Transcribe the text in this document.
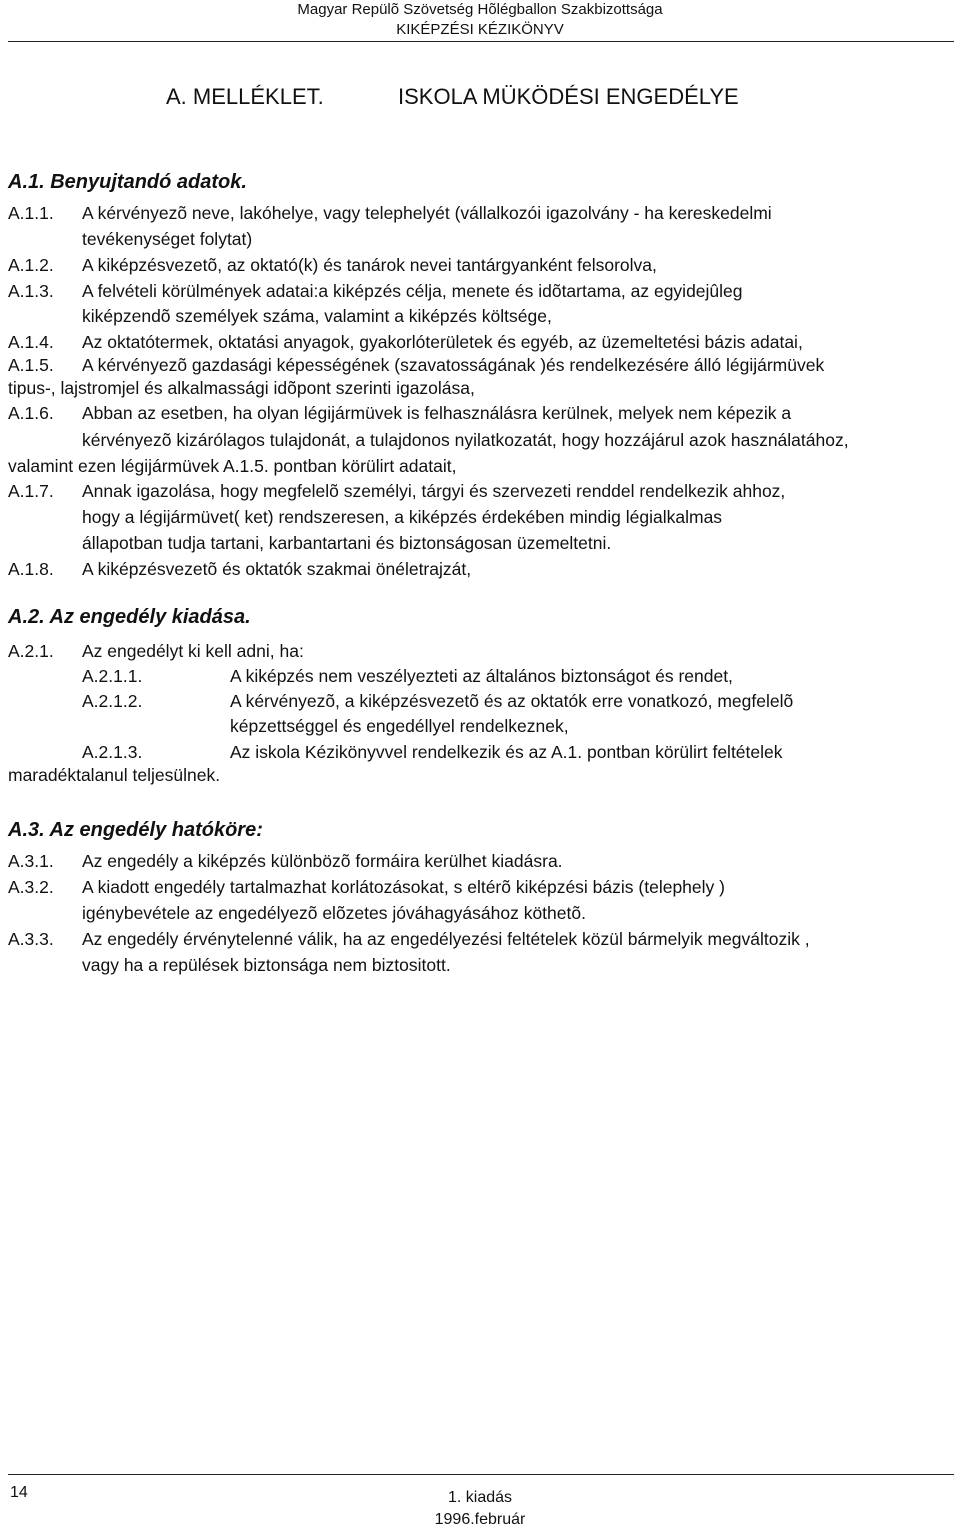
Magyar Repülõ Szövetség Hõlégballon Szakbizottsága
KIKÉPZÉSI KÉZIKÖNYV
A. MELLÉKLET.	ISKOLA MÜKÖDÉSI ENGEDÉLYE
A.1. Benyujtandó adatok.
A.1.1. A kérvényezõ neve, lakóhelye, vagy telephelyét (vállalkozói igazolvány - ha kereskedelmi
tevékenységet folytat)
A.1.2. A kiképzésvezetõ, az oktató(k) és tanárok nevei tantárgyanként felsorolva,
A.1.3. A felvételi körülmények adatai:a kiképzés célja, menete és idõtartama, az egyidejûleg
kiképzendõ személyek száma, valamint a kiképzés költsége,
A.1.4. Az oktatótermek, oktatási anyagok, gyakorlóterületek és egyéb, az üzemeltetési bázis adatai,
A.1.5. A kérvényezõ gazdasági képességének (szavatosságának )és rendelkezésére álló légijármüvek
tipus-, lajstromjel és alkalmassági idõpont szerinti igazolása,
A.1.6. Abban az esetben, ha olyan légijármüvek is felhasználásra kerülnek, melyek nem képezik a
kérvényezõ kizárólagos tulajdonát, a tulajdonos nyilatkozatát, hogy hozzájárul azok használatához,
valamint ezen légijármüvek A.1.5. pontban körülirt adatait,
A.1.7. Annak igazolása, hogy megfelelõ személyi, tárgyi és szervezeti renddel rendelkezik ahhoz,
hogy a légijármüvet( ket) rendszeresen, a kiképzés érdekében mindig légialkalmas
állapotban tudja tartani, karbantartani és biztonságosan üzemeltetni.
A.1.8. A kiképzésvezetõ és oktatók szakmai önéletrajzát,
A.2. Az engedély kiadása.
A.2.1. Az engedélyt ki kell adni, ha:
A.2.1.1.	A kiképzés nem veszélyezteti az általános biztonságot és rendet,
A.2.1.2.	A kérvényezõ, a kiképzésvezetõ és az oktatók erre vonatkozó, megfelelõ
képzettséggel és engedéllyel rendelkeznek,
A.2.1.3.	Az iskola Kézikönyvvel rendelkezik és az A.1. pontban körülirt feltételek
maradéktalanul teljesülnek.
A.3. Az engedély hatóköre:
A.3.1. Az engedély a kiképzés különbözõ formáira kerülhet kiadásra.
A.3.2. A kiadott engedély tartalmazhat korlátozásokat, s eltérõ kiképzési bázis (telephely )
igénybevétele az engedélyezõ elõzetes jóváhagyásához köthetõ.
A.3.3. Az engedély érvénytelenné válik, ha az engedélyezési feltételek közül bármelyik megváltozik ,
vagy ha a repülések biztonsága nem biztositott.
14	1. kiadás
1996.február
